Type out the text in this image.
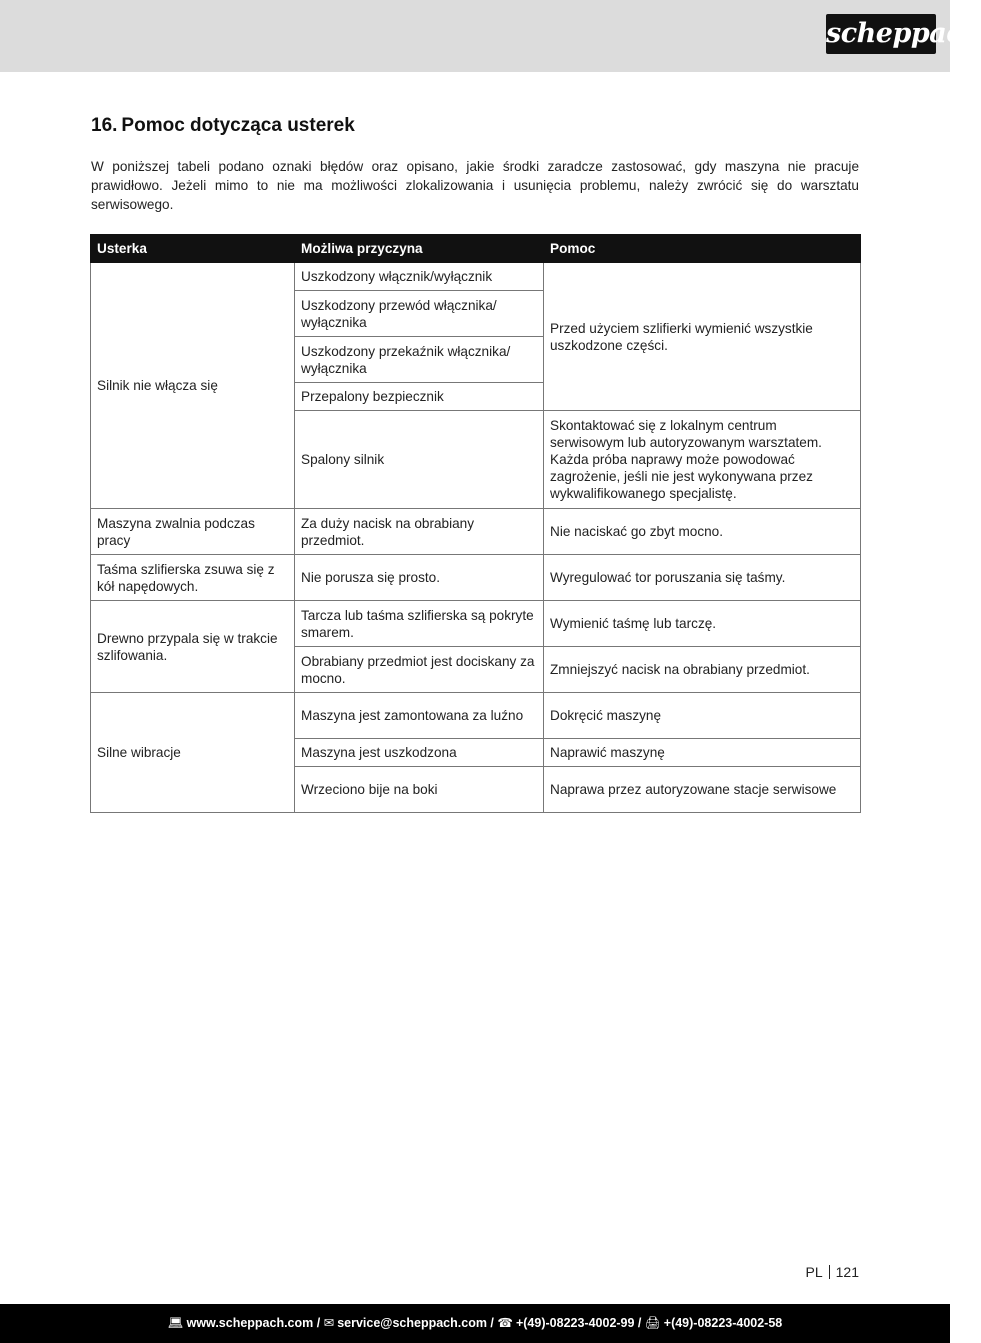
scheppach
16. Pomoc dotycząca usterek

W poniższej tabeli podano oznaki błędów oraz opisano, jakie środki zaradcze zastosować, gdy maszyna nie pracuje prawidłowo. Jeżeli mimo to nie ma możliwości zlokalizowania i usunięcia problemu, należy zwrócić się do warsztatu serwisowego.

Usterka	Możliwa przyczyna	Pomoc
Silnik nie włącza się	Uszkodzony włącznik/wyłącznik	Przed użyciem szlifierki wymienić wszystkie uszkodzone części.
	Uszkodzony przewód włącznika/ wyłącznika	
	Uszkodzony przekaźnik włącznika/ wyłącznika	
	Przepalony bezpiecznik	
	Spalony silnik	Skontaktować się z lokalnym centrum serwisowym lub autoryzowanym warsztatem. Każda próba naprawy może powodować zagrożenie, jeśli nie jest wykonywana przez wykwalifikowanego specjalistę.
Maszyna zwalnia podczas pracy	Za duży nacisk na obrabiany przedmiot.	Nie naciskać go zbyt mocno.
Taśma szlifierska zsuwa się z kół napędowych.	Nie porusza się prosto.	Wyregulować tor poruszania się taśmy.
Drewno przypala się w trakcie szlifowania.	Tarcza lub taśma szlifierska są pokryte smarem.	Wymienić taśmę lub tarczę.
	Obrabiany przedmiot jest dociskany za mocno.	Zmniejszyć nacisk na obrabiany przedmiot.
Silne wibracje	Maszyna jest zamontowana za luźno	Dokręcić maszynę
	Maszyna jest uszkodzona	Naprawić maszynę
	Wrzeciono bije na boki	Naprawa przez autoryzowane stacje serwisowe
PL 121
💻︎ www.scheppach.com / ✉︎ service@scheppach.com / ☎︎ +(49)-08223-4002-99 / 🖨︎ +(49)-08223-4002-58
